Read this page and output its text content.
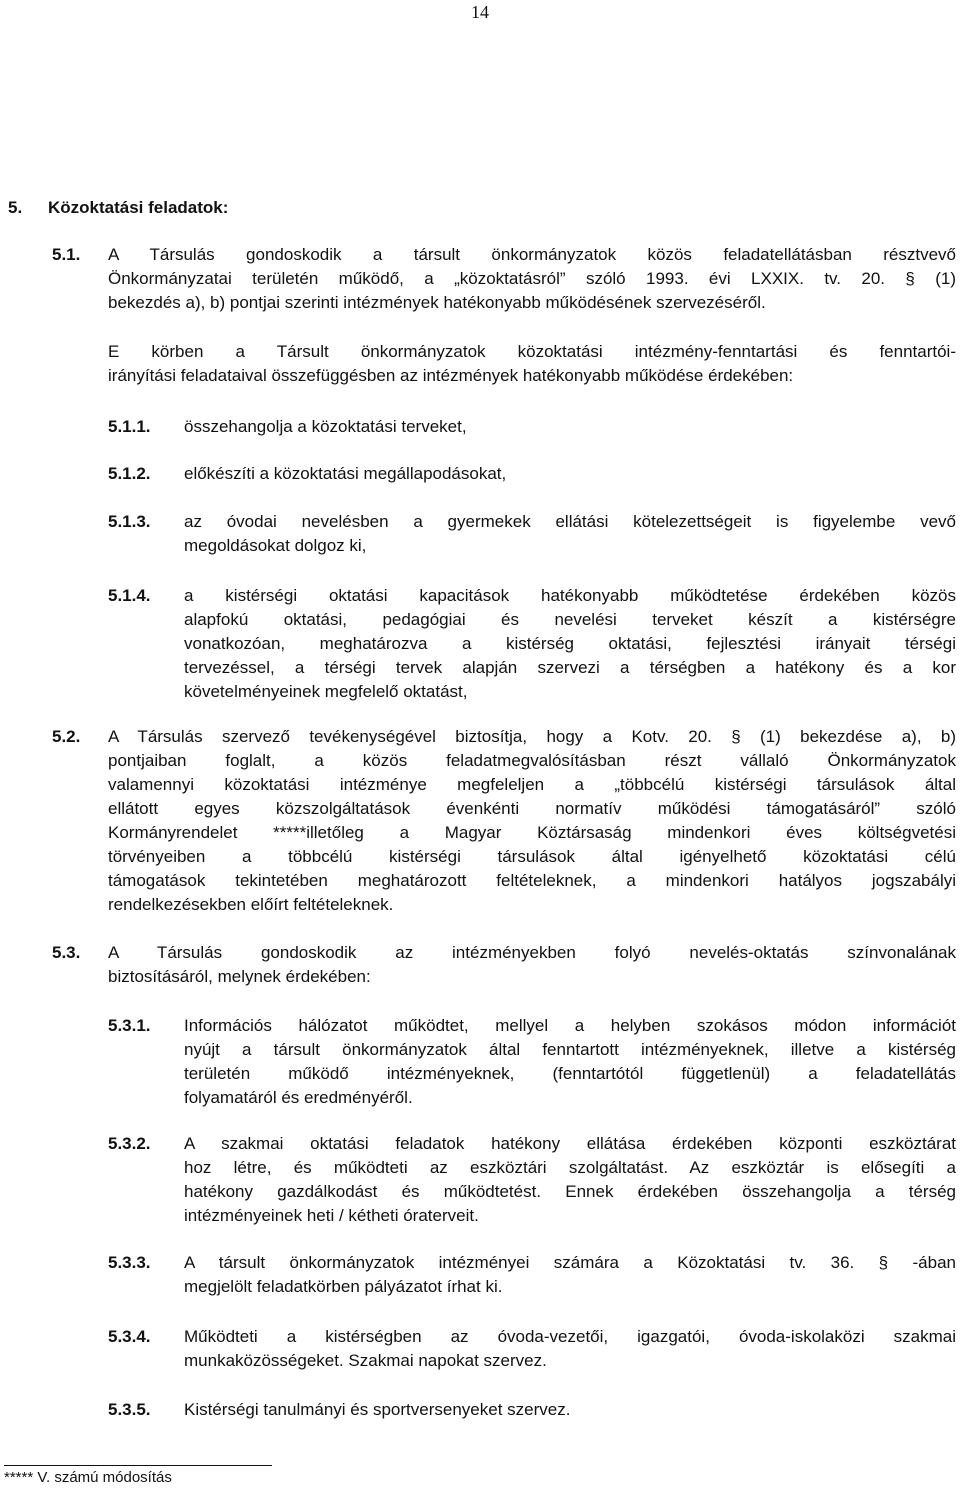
14
5. Közoktatási feladatok:
5.1. A Társulás gondoskodik a társult önkormányzatok közös feladatellátásban résztvevő
Önkormányzatai területén működő, a „közoktatásról” szóló 1993. évi LXXIX. tv. 20. § (1)
bekezdés a), b) pontjai szerinti intézmények hatékonyabb működésének szervezéséről.
E körben a Társult önkormányzatok közoktatási intézmény-fenntartási és fenntartói-
irányítási feladataival összefüggésben az intézmények hatékonyabb működése érdekében:
5.1.1. összehangolja a közoktatási terveket,
5.1.2. előkészíti a közoktatási megállapodásokat,
5.1.3. az óvodai nevelésben a gyermekek ellátási kötelezettségeit is figyelembe vevő
megoldásokat dolgoz ki,
5.1.4. a kistérségi oktatási kapacitások hatékonyabb működtetése érdekében közös
alapfokú oktatási, pedagógiai és nevelési terveket készít a kistérségre
vonatkozóan, meghatározva a kistérség oktatási, fejlesztési irányait térségi
tervezéssel, a térségi tervek alapján szervezi a térségben a hatékony és a kor
követelményeinek megfelelő oktatást,
5.2. A Társulás szervező tevékenységével biztosítja, hogy a Kotv. 20. § (1) bekezdése a), b)
pontjaiban foglalt, a közös feladatmegvalósításban részt vállaló Önkormányzatok
valamennyi közoktatási intézménye megfeleljen a „többcélú kistérségi társulások által
ellátott egyes közszolgáltatások évenkénti normatív működési támogatásáról” szóló
Kormányrendelet *****illetőleg a Magyar Köztársaság mindenkori éves költségvetési
törvényeiben a többcélú kistérségi társulások által igényelhető közoktatási célú
támogatások tekintetében meghatározott feltételeknek, a mindenkori hatályos jogszabályi
rendelkezésekben előírt feltételeknek.
5.3. A Társulás gondoskodik az intézményekben folyó nevelés-oktatás színvonalának
biztosításáról, melynek érdekében:
5.3.1. Információs hálózatot működtet, mellyel a helyben szokásos módon információt
nyújt a társult önkormányzatok által fenntartott intézményeknek, illetve a kistérség
területén működő intézményeknek, (fenntartótól függetlenül) a feladatellátás
folyamatáról és eredményéről.
5.3.2. A szakmai oktatási feladatok hatékony ellátása érdekében központi eszköztárat
hoz létre, és működteti az eszköztári szolgáltatást. Az eszköztár is elősegíti a
hatékony gazdálkodást és működtetést. Ennek érdekében összehangolja a térség
intézményeinek heti / kétheti óraterveit.
5.3.3. A társult önkormányzatok intézményei számára a Közoktatási tv. 36. § -ában
megjelölt feladatkörben pályázatot írhat ki.
5.3.4. Működteti a kistérségben az óvoda-vezetői, igazgatói, óvoda-iskolaközi szakmai
munkaközösségeket. Szakmai napokat szervez.
5.3.5. Kistérségi tanulmányi és sportversenyeket szervez.
***** V. számú módosítás
